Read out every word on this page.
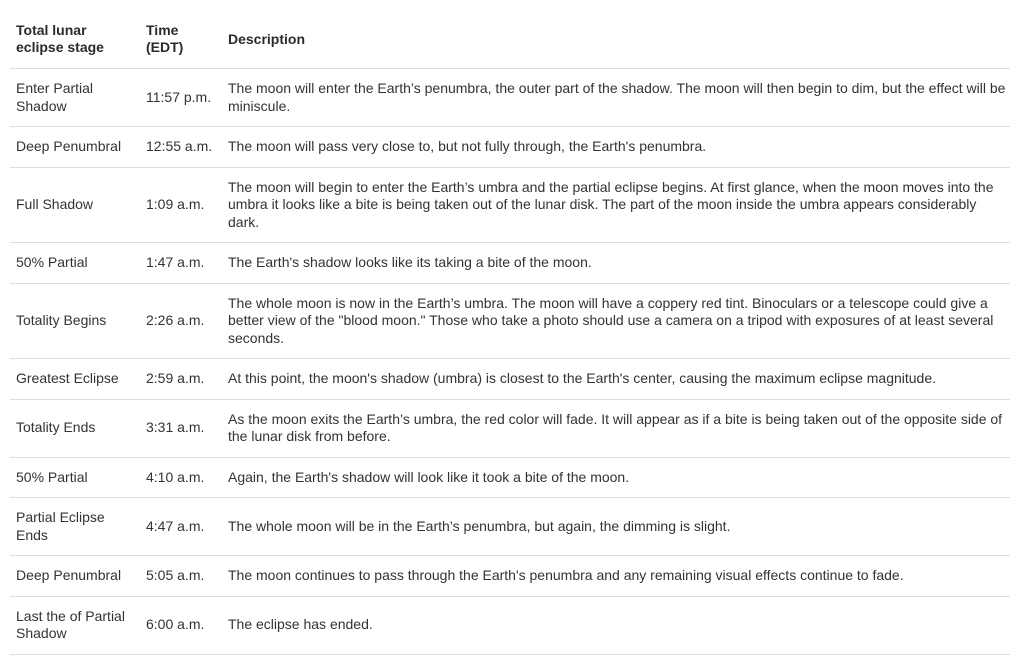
Total lunar eclipse stage	Time (EDT)	Description
Enter Partial Shadow	11:57 p.m.	The moon will enter the Earth’s penumbra, the outer part of the shadow. The moon will then begin to dim, but the effect will be miniscule.
Deep Penumbral	12:55 a.m.	The moon will pass very close to, but not fully through, the Earth's penumbra.
Full Shadow	1:09 a.m.	The moon will begin to enter the Earth’s umbra and the partial eclipse begins. At first glance, when the moon moves into the umbra it looks like a bite is being taken out of the lunar disk. The part of the moon inside the umbra appears considerably dark.
50% Partial	1:47 a.m.	The Earth's shadow looks like its taking a bite of the moon.
Totality Begins	2:26 a.m.	The whole moon is now in the Earth’s umbra. The moon will have a coppery red tint. Binoculars or a telescope could give a better view of the "blood moon." Those who take a photo should use a camera on a tripod with exposures of at least several seconds.
Greatest Eclipse	2:59 a.m.	At this point, the moon's shadow (umbra) is closest to the Earth's center, causing the maximum eclipse magnitude.
Totality Ends	3:31 a.m.	As the moon exits the Earth’s umbra, the red color will fade. It will appear as if a bite is being taken out of the opposite side of the lunar disk from before.
50% Partial	4:10 a.m.	Again, the Earth's shadow will look like it took a bite of the moon.
Partial Eclipse Ends	4:47 a.m.	The whole moon will be in the Earth’s penumbra, but again, the dimming is slight.
Deep Penumbral	5:05 a.m.	The moon continues to pass through the Earth's penumbra and any remaining visual effects continue to fade.
Last the of Partial Shadow	6:00 a.m.	The eclipse has ended.
